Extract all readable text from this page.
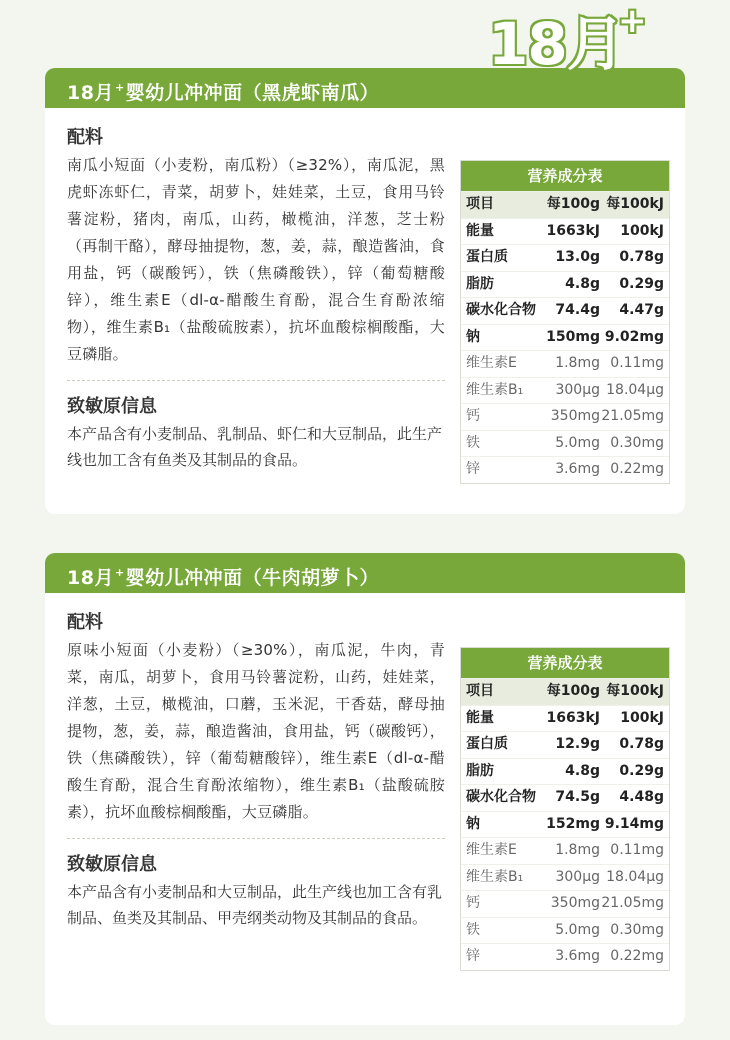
18月
+
18月+婴幼儿冲冲面（黑虎虾南瓜）
配料

南瓜小短面（小麦粉，南瓜粉）（≥32%），南瓜泥，黑虎虾冻虾仁，青菜，胡萝卜，娃娃菜，土豆，食用马铃薯淀粉，猪肉，南瓜，山药，橄榄油，洋葱，芝士粉（再制干酪），酵母抽提物，葱，姜，蒜，酿造酱油，食用盐，钙（碳酸钙），铁（焦磷酸铁），锌（葡萄糖酸锌），维生素E（dl-α-醋酸生育酚，混合生育酚浓缩物），维生素B₁（盐酸硫胺素），抗坏血酸棕榈酸酯，大豆磷脂。

致敏原信息

本产品含有小麦制品、乳制品、虾仁和大豆制品，此生产线也加工含有鱼类及其制品的食品。

营养成分表
项目	每100g 每100kJ
能量	1663kJ	100kJ
蛋白质	13.0g	0.78g
脂肪	4.8g	0.29g
碳水化合物	74.4g	4.47g
钠	150mg 9.02mg
维生素E	1.8mg 0.11mg
维生素B₁	300μg 18.04μg
钙	350mg 21.05mg
铁	5.0mg 0.30mg
锌	3.6mg 0.22mg
18月+婴幼儿冲冲面（牛肉胡萝卜）
配料

原味小短面（小麦粉）（≥30%），南瓜泥，牛肉，青菜，南瓜，胡萝卜，食用马铃薯淀粉，山药，娃娃菜，洋葱，土豆，橄榄油，口蘑，玉米泥，干香菇，酵母抽提物，葱，姜，蒜，酿造酱油，食用盐，钙（碳酸钙），铁（焦磷酸铁），锌（葡萄糖酸锌），维生素E（dl-α-醋酸生育酚，混合生育酚浓缩物），维生素B₁（盐酸硫胺素），抗坏血酸棕榈酸酯，大豆磷脂。

致敏原信息

本产品含有小麦制品和大豆制品，此生产线也加工含有乳制品、鱼类及其制品、甲壳纲类动物及其制品的食品。

营养成分表
项目	每100g 每100kJ
能量	1663kJ	100kJ
蛋白质	12.9g	0.78g
脂肪	4.8g	0.29g
碳水化合物	74.5g	4.48g
钠	152mg 9.14mg
维生素E	1.8mg 0.11mg
维生素B₁	300μg 18.04μg
钙	350mg 21.05mg
铁	5.0mg 0.30mg
锌	3.6mg 0.22mg
